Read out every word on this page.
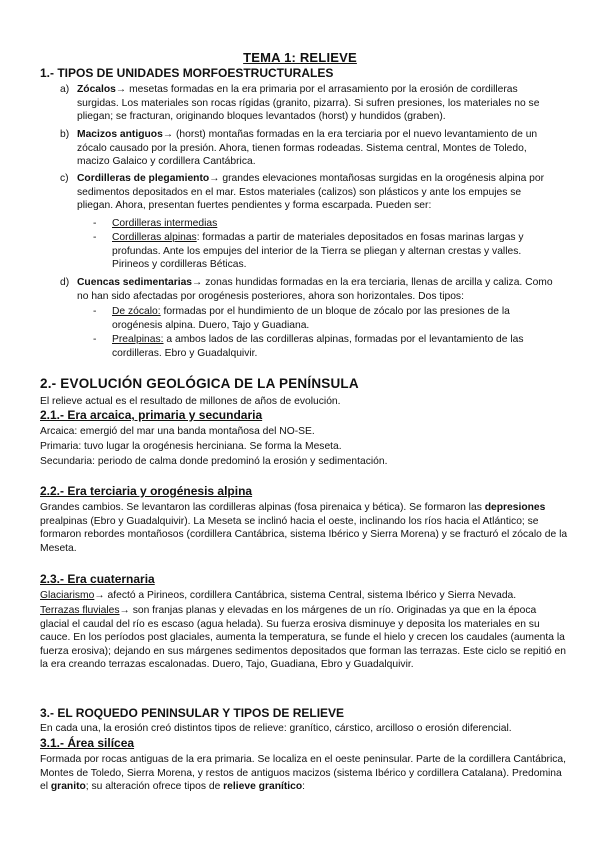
TEMA 1: RELIEVE
1.- TIPOS DE UNIDADES MORFOESTRUCTURALES
a) Zócalos→ mesetas formadas en la era primaria por el arrasamiento por la erosión de cordilleras surgidas. Los materiales son rocas rígidas (granito, pizarra). Si sufren presiones, los materiales no se pliegan; se fracturan, originando bloques levantados (horst) y hundidos (graben).
b) Macizos antiguos→ (horst) montañas formadas en la era terciaria por el nuevo levantamiento de un zócalo causado por la presión. Ahora, tienen formas rodeadas. Sistema central, Montes de Toledo, macizo Galaico y cordillera Cantábrica.
c) Cordilleras de plegamiento→ grandes elevaciones montañosas surgidas en la orogénesis alpina por sedimentos depositados en el mar. Estos materiales (calizos) son plásticos y ante los empujes se pliegan. Ahora, presentan fuertes pendientes y forma escarpada. Pueden ser:
- Cordilleras intermedias
- Cordilleras alpinas: formadas a partir de materiales depositados en fosas marinas largas y profundas. Ante los empujes del interior de la Tierra se pliegan y alternan crestas y valles. Pirineos y cordilleras Béticas.
d) Cuencas sedimentarias→ zonas hundidas formadas en la era terciaria, llenas de arcilla y caliza. Como no han sido afectadas por orogénesis posteriores, ahora son horizontales. Dos tipos:
- De zócalo: formadas por el hundimiento de un bloque de zócalo por las presiones de la orogénesis alpina. Duero, Tajo y Guadiana.
- Prealpinas: a ambos lados de las cordilleras alpinas, formadas por el levantamiento de las cordilleras. Ebro y Guadalquivir.
2.- EVOLUCIÓN GEOLÓGICA DE LA PENÍNSULA
El relieve actual es el resultado de millones de años de evolución.
2.1.- Era arcaica, primaria y secundaria
Arcaica: emergió del mar una banda montañosa del NO-SE.
Primaria: tuvo lugar la orogénesis herciniana. Se forma la Meseta.
Secundaria: periodo de calma donde predominó la erosión y sedimentación.
2.2.- Era terciaria y orogénesis alpina
Grandes cambios. Se levantaron las cordilleras alpinas (fosa pirenaica y bética). Se formaron las depresiones prealpinas (Ebro y Guadalquivir). La Meseta se inclinó hacia el oeste, inclinando los ríos hacia el Atlántico; se formaron rebordes montañosos (cordillera Cantábrica, sistema Ibérico y Sierra Morena) y se fracturó el zócalo de la Meseta.
2.3.- Era cuaternaria
Glaciarismo→ afectó a Pirineos, cordillera Cantábrica, sistema Central, sistema Ibérico y Sierra Nevada.
Terrazas fluviales→ son franjas planas y elevadas en los márgenes de un río. Originadas ya que en la época glacial el caudal del río es escaso (agua helada). Su fuerza erosiva disminuye y deposita los materiales en su cauce. En los períodos post glaciales, aumenta la temperatura, se funde el hielo y crecen los caudales (aumenta la fuerza erosiva); dejando en sus márgenes sedimentos depositados que forman las terrazas. Este ciclo se repitió en la era creando terrazas escalonadas. Duero, Tajo, Guadiana, Ebro y Guadalquivir.
3.- EL ROQUEDO PENINSULAR Y TIPOS DE RELIEVE
En cada una, la erosión creó distintos tipos de relieve: granítico, cárstico, arcilloso o erosión diferencial.
3.1.- Área silícea
Formada por rocas antiguas de la era primaria. Se localiza en el oeste peninsular. Parte de la cordillera Cantábrica, Montes de Toledo, Sierra Morena, y restos de antiguos macizos (sistema Ibérico y cordillera Catalana). Predomina el granito; su alteración ofrece tipos de relieve granítico:
